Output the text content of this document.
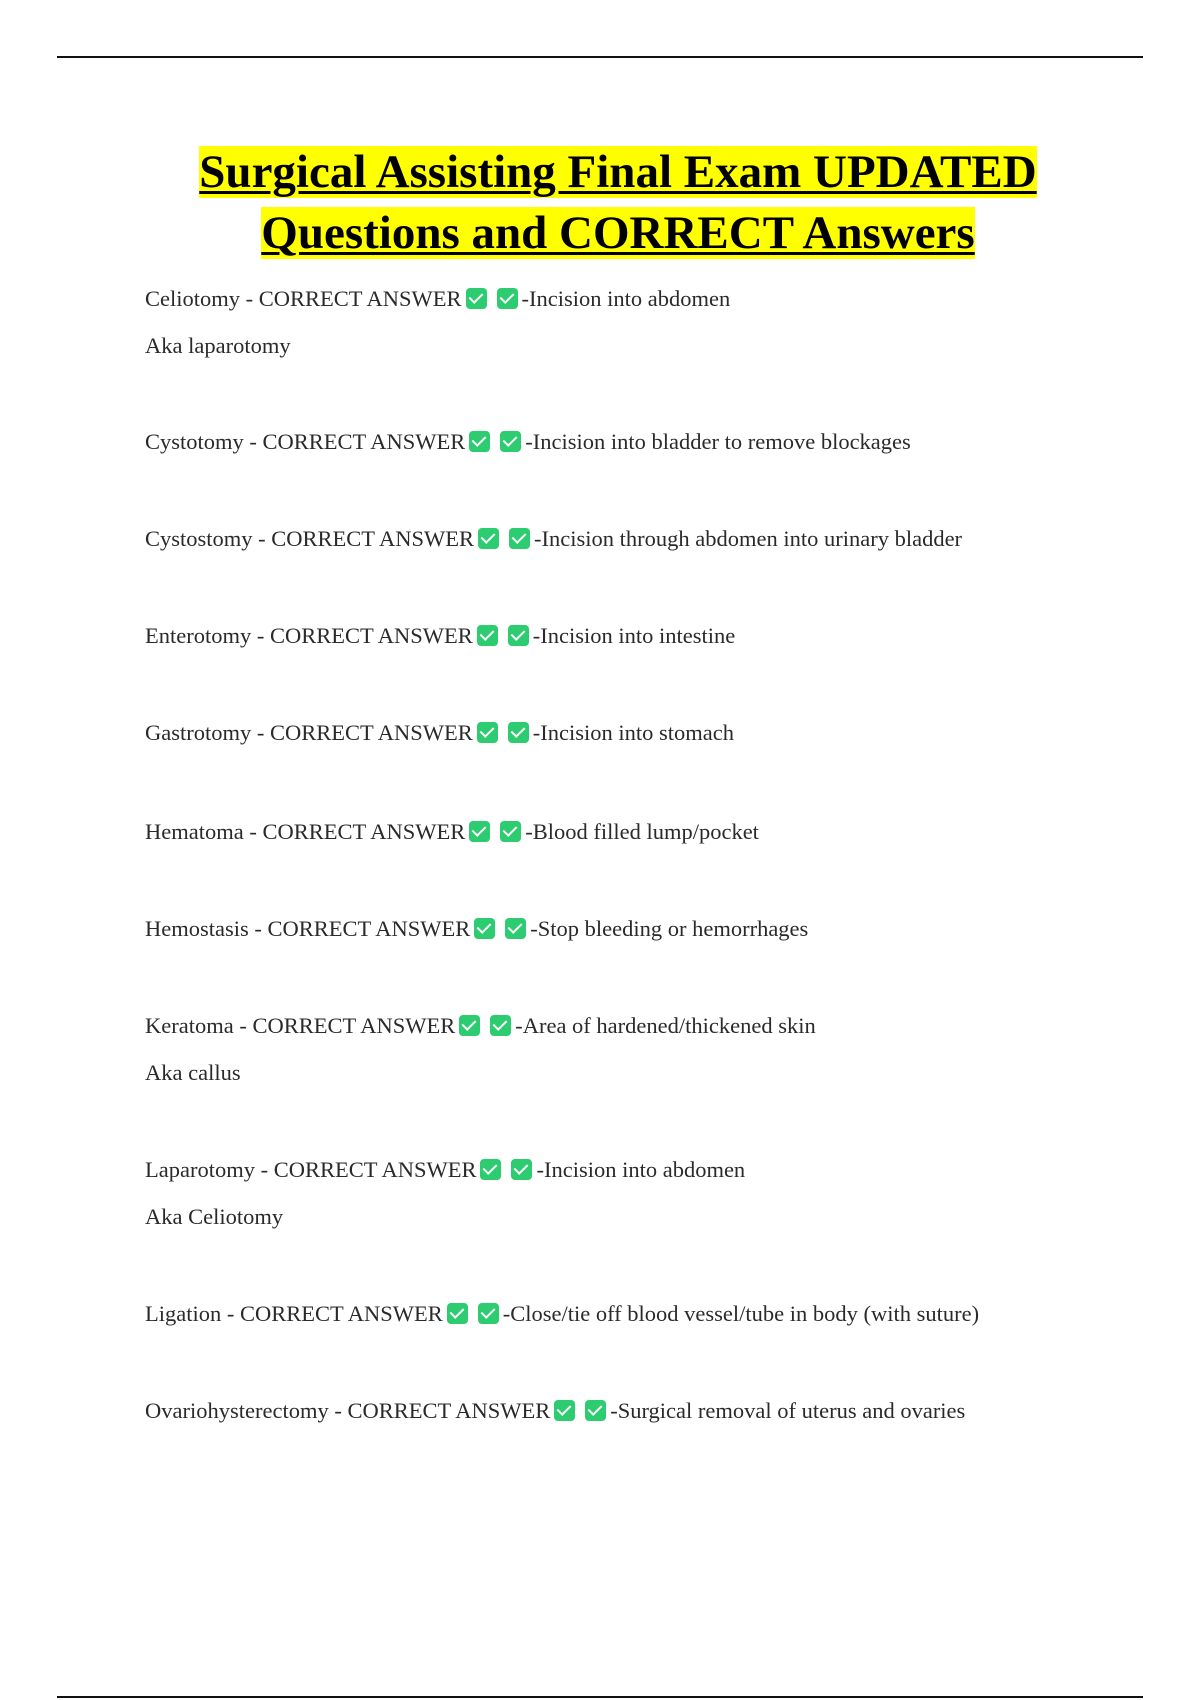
Surgical Assisting Final Exam UPDATED
Questions and CORRECT Answers
Celiotomy - CORRECT ANSWER	-Incision into abdomen
Aka laparotomy
Cystotomy - CORRECT ANSWER	-Incision into bladder to remove blockages
Cystostomy - CORRECT ANSWER	-Incision through abdomen into urinary bladder
Enterotomy - CORRECT ANSWER	-Incision into intestine
Gastrotomy - CORRECT ANSWER	-Incision into stomach
Hematoma - CORRECT ANSWER	-Blood filled lump/pocket
Hemostasis - CORRECT ANSWER	-Stop bleeding or hemorrhages
Keratoma - CORRECT ANSWER	-Area of hardened/thickened skin
Aka callus
Laparotomy - CORRECT ANSWER	-Incision into abdomen
Aka Celiotomy
Ligation - CORRECT ANSWER	-Close/tie off blood vessel/tube in body (with suture)
Ovariohysterectomy - CORRECT ANSWER	-Surgical removal of uterus and ovaries
